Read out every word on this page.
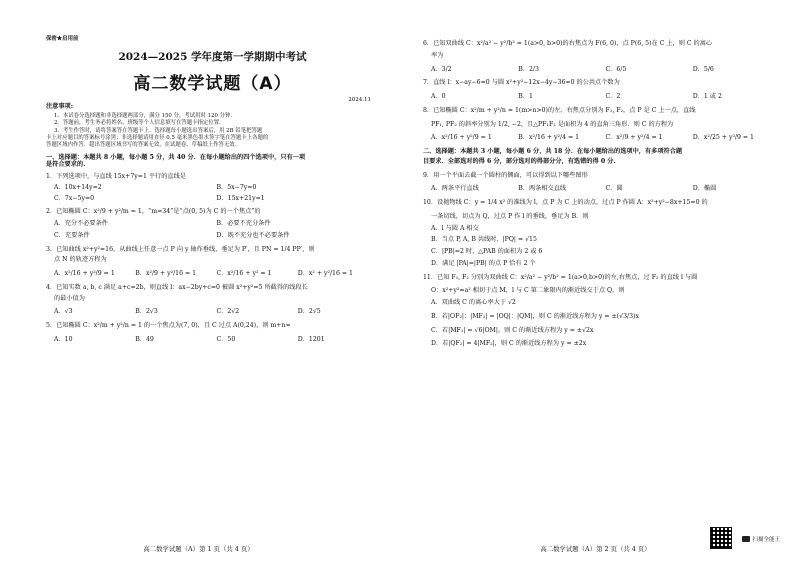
保密★启用前
2024—2025 学年度第一学期期中考试
高二数学试题（A）
2024.11
注意事项:
1．本试卷分选择题和非选择题两部分，满分 150 分，考试用时 120 分钟.
2．答题前，考生务必将姓名、班级等个人信息填写在答题卡指定位置.
3．考生作答时，请将答案答在答题卡上．选择题每小题选出答案后，用 2B 铅笔把答题
卡上对应题目的答案标号涂黑；非选择题请用直径 0.5 毫米黑色墨水签字笔在答题卡上各题的
答题区域内作答．超出答题区域书写的答案无效，在试题卷、草稿纸上作答无效.
一、选择题：本题共 8 小题，每小题 5 分，共 40 分．在每小题给出的四个选项中，只有一项
是符合要求的.
1．下列选项中，与直线 15x+7y=1 平行的直线是
A．10x+14y=2	B．5x−7y=0
C．7x−5y=0	D．15x+21y=1
2．已知椭圆 C：x²/9 + y²/m = 1，“m=34”是“点(0, 5)为 C 的一个焦点”的
A．充分不必要条件	B．必要不充分条件
C．充要条件	D．既不充分也不必要条件
3．已知曲线 x²+y²=16，从曲线上任意一点 P 向 y 轴作垂线，垂足为 P′，且 PN = 1/4 PP′，则
点 N 的轨迹方程为
A．x²/16 + y²/9 = 1	B．x²/9 + y²/16 = 1	C．x²/16 + y² = 1	D．x² + y²/16 = 1
4．已知实数 a, b, c 满足 a+c=2b，则直线 l：ax−2by+c=0 被圆 x²+y²=5 所截得的线段长
的最小值为
A．√3	B．2√3	C．2√2	D．2√5
5．已知椭圆 C：x²/m + y²/n = 1 的一个焦点为(7, 0)，且 C 过点 A(0,24)，则 m+n=
A．10	B．49	C．50	D．1201
高二数学试题（A）第 1 页（共 4 页）
6．已知双曲线 C：x²/a² − y²/b² = 1(a>0, b>0)的右焦点为 F(6, 0)，点 P(6, 5)在 C 上，则 C 的离心
率为
A．3/2	B．2/3	C．6/5	D．5/6
7．直线 l：x−ay−6=0 与圆 x²+y²−12x−4y−36=0 的公共点个数为
A．0	B．1	C．2	D．1 或 2
8．已知椭圆 C：x²/m + y²/n = 1(m>n>0)的左、右焦点分别为 F₁, F₂，点 P 是 C 上一点，直线
PF₁, PF₂ 的斜率分别为 1/2, −2，且△PF₁F₂ 是面积为 4 的直角三角形．则 C 的方程为
A．x²/16 + y²/9 = 1	B．x²/16 + y²/4 = 1	C．x²/9 + y²/4 = 1	D．x²/25 + y²/9 = 1
二、选择题：本题共 3 小题，每小题 6 分，共 18 分．在每小题给出的选项中，有多项符合题
目要求．全部选对的得 6 分，部分选对的得部分分，有选错的得 0 分.
9．用一个平面去截一个圆柱的侧面，可以得到以下哪些图形
A．两条平行直线	B．两条相交直线	C．圆	D．椭圆
10．设抛物线 C：y = 1/4 x² 的准线为 l，点 P 为 C 上的动点，过点 P 作圆 A：x²+y²−8x+15=0 的
一条切线，切点为 Q，过点 P 作 l 的垂线，垂足为 B．则
A．l 与圆 A 相交
B．当点 P, A, B 共线时，|PQ| = √15
C．|PB|=2 时，△PAB 的面积为 2 或 6
D．满足 |PA|=|PB| 的点 P 恰有 2 个
11．已知 F₁, F₂ 分别为双曲线 C：x²/a² − y²/b² = 1(a>0,b>0)的左,右焦点，过 F₂ 的直线 l 与圆
O：x²+y²=a² 相切于点 M，l 与 C 第二象限内的渐近线交于点 Q，则
A．双曲线 C 的离心率大于 √2
B．若|OF₂|：|MF₂| = |OQ|：|QM|，则 C 的渐近线方程为 y = ±(√3/3)x
C．若|MF₁| = √6|OM|，则 C 的渐近线方程为 y = ±√2x
D．若|QF₂| = 4|MF₂|，则 C 的渐近线方程为 y = ±2x
高二数学试题（A）第 2 页（共 4 页）
扫描全能王
